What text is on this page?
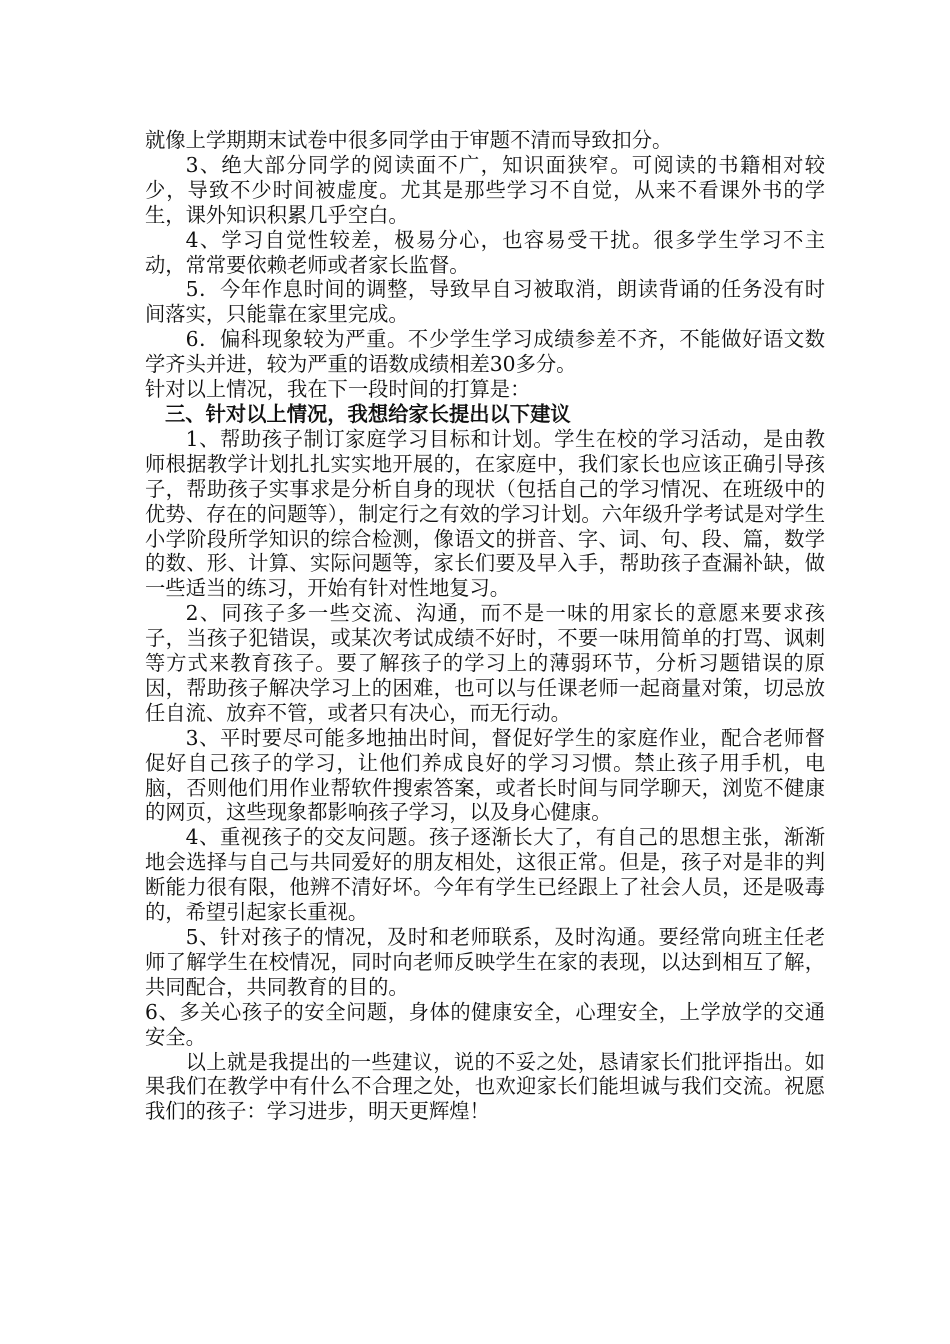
就像上学期期末试卷中很多同学由于审题不清而导致扣分。

3、绝大部分同学的阅读面不广，知识面狭窄。可阅读的书籍相对较少，导致不少时间被虚度。尤其是那些学习不自觉，从来不看课外书的学生，课外知识积累几乎空白。

4、学习自觉性较差，极易分心，也容易受干扰。很多学生学习不主动，常常要依赖老师或者家长监督。

5．今年作息时间的调整，导致早自习被取消，朗读背诵的任务没有时间落实，只能靠在家里完成。

6．偏科现象较为严重。不少学生学习成绩参差不齐，不能做好语文数学齐头并进，较为严重的语数成绩相差30多分。

针对以上情况，我在下一段时间的打算是：

三、针对以上情况，我想给家长提出以下建议

1、帮助孩子制订家庭学习目标和计划。学生在校的学习活动，是由教师根据教学计划扎扎实实地开展的，在家庭中，我们家长也应该正确引导孩子，帮助孩子实事求是分析自身的现状（包括自己的学习情况、在班级中的优势、存在的问题等），制定行之有效的学习计划。六年级升学考试是对学生小学阶段所学知识的综合检测，像语文的拼音、字、词、句、段、篇，数学的数、形、计算、实际问题等，家长们要及早入手，帮助孩子查漏补缺，做一些适当的练习，开始有针对性地复习。

2、同孩子多一些交流、沟通，而不是一味的用家长的意愿来要求孩子，当孩子犯错误，或某次考试成绩不好时，不要一味用简单的打骂、讽刺等方式来教育孩子。要了解孩子的学习上的薄弱环节，分析习题错误的原因，帮助孩子解决学习上的困难，也可以与任课老师一起商量对策，切忌放任自流、放弃不管，或者只有决心，而无行动。

3、平时要尽可能多地抽出时间，督促好学生的家庭作业，配合老师督促好自己孩子的学习，让他们养成良好的学习习惯。禁止孩子用手机，电脑，否则他们用作业帮软件搜索答案，或者长时间与同学聊天，浏览不健康的网页，这些现象都影响孩子学习，以及身心健康。

4、重视孩子的交友问题。孩子逐渐长大了，有自己的思想主张，渐渐地会选择与自己与共同爱好的朋友相处，这很正常。但是，孩子对是非的判断能力很有限，他辨不清好坏。今年有学生已经跟上了社会人员，还是吸毒的，希望引起家长重视。

5、针对孩子的情况，及时和老师联系，及时沟通。要经常向班主任老师了解学生在校情况，同时向老师反映学生在家的表现，以达到相互了解，共同配合，共同教育的目的。

6、多关心孩子的安全问题，身体的健康安全，心理安全，上学放学的交通安全。

以上就是我提出的一些建议，说的不妥之处，恳请家长们批评指出。如果我们在教学中有什么不合理之处，也欢迎家长们能坦诚与我们交流。祝愿我们的孩子：学习进步，明天更辉煌！
